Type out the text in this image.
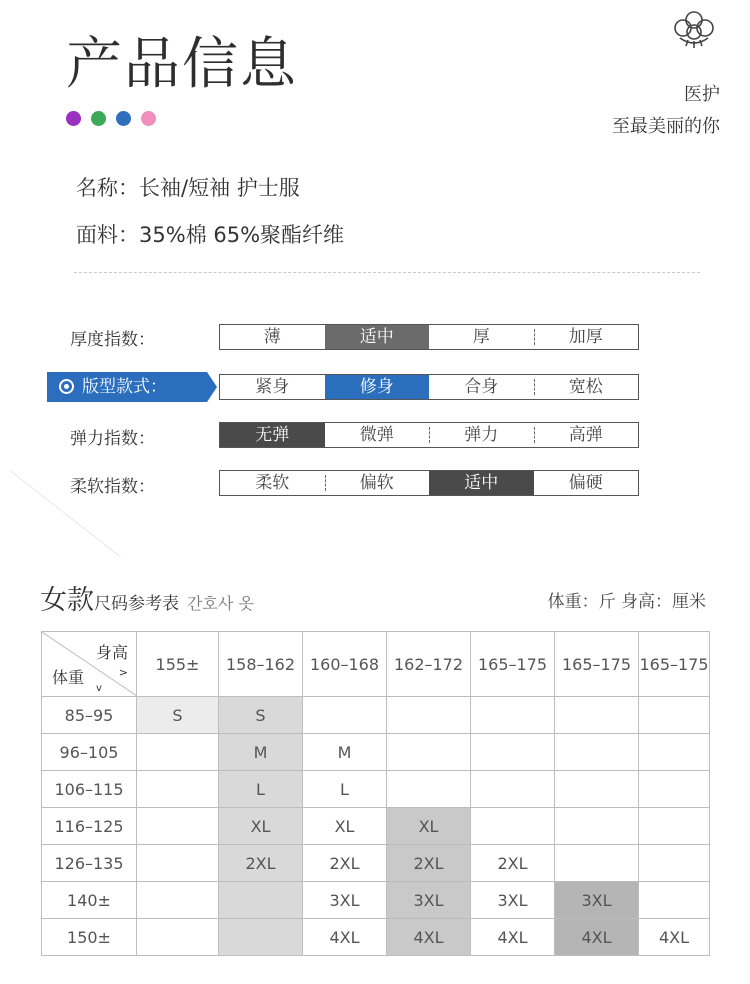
产品信息	医护
至最美丽的你
名称：长袖/短袖 护士服
面料：35%棉 65%聚酯纤维
厚度指数：	薄	适中	厚	加厚
版型款式：	紧身	修身	合身	宽松
弹力指数：	无弹	微弹	弹力	高弹
柔软指数：	柔软	偏软	适中	偏硬
女款尺码参考表 간호사 옷	体重：斤 身高：厘米
身高
>
体重
v	155±	158–162	160–168	162–172	165–175	165–175	165–175
85–95	S	S					
96–105		M	M				
106–115		L	L				
116–125		XL	XL	XL			
126–135		2XL	2XL	2XL	2XL		
140±			3XL	3XL	3XL	3XL	
150±			4XL	4XL	4XL	4XL	4XL
